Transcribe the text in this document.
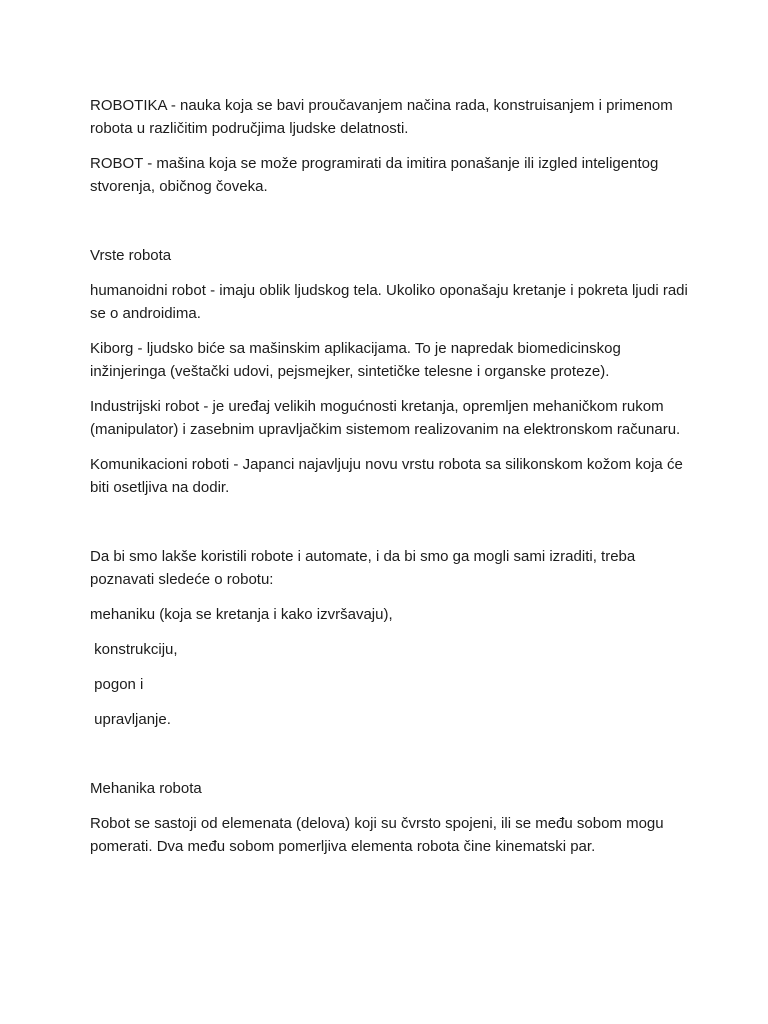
ROBOTIKA - nauka koja se bavi proučavanjem načina rada, konstruisanjem i primenom robota u različitim područjima ljudske delatnosti.

ROBOT - mašina koja se može programirati da imitira ponašanje ili izgled inteligentog stvorenja, običnog čoveka.

Vrste robota

humanoidni robot - imaju oblik ljudskog tela. Ukoliko oponašaju kretanje i pokreta ljudi radi se o androidima.

Kiborg - ljudsko biće sa mašinskim aplikacijama. To je napredak biomedicinskog inžinjeringa (veštački udovi, pejsmejker, sintetičke telesne i organske proteze).

Industrijski robot - je uređaj velikih mogućnosti kretanja, opremljen mehaničkom rukom (manipulator) i zasebnim upravljačkim sistemom realizovanim na elektronskom računaru.

Komunikacioni roboti - Japanci najavljuju novu vrstu robota sa silikonskom kožom koja će biti osetljiva na dodir.

Da bi smo lakše koristili robote i automate, i da bi smo ga mogli sami izraditi, treba poznavati sledeće o robotu:

mehaniku (koja se kretanja i kako izvršavaju),

konstrukciju,

pogon i

upravljanje.

Mehanika robota

Robot se sastoji od elemenata (delova) koji su čvrsto spojeni, ili se među sobom mogu pomerati. Dva među sobom pomerljiva elementa robota čine kinematski par.
